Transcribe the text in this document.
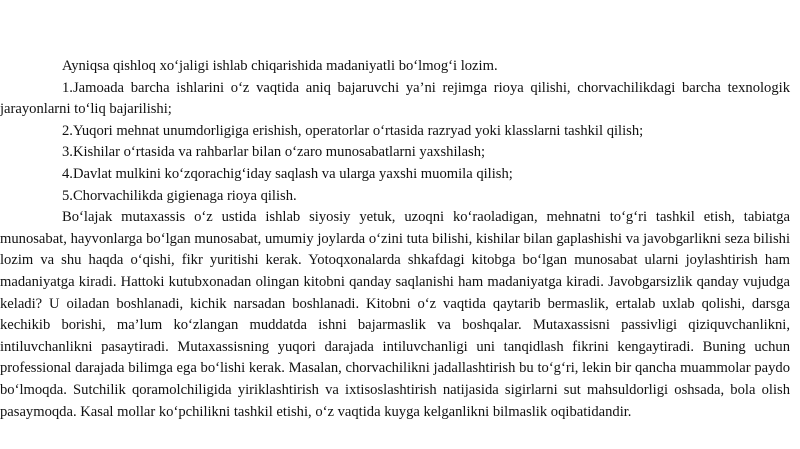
Ayniqsa qishloq xo‘jaligi ishlab chiqarishida madaniyatli bo‘lmog‘i lozim.

1.Jamoada barcha ishlarini o‘z vaqtida aniq bajaruvchi ya’ni rejimga rioya qilishi, chorvachilikdagi barcha texnologik jarayonlarni to‘liq bajarilishi;

2.Yuqori mehnat unumdorligiga erishish, operatorlar o‘rtasida razryad yoki klasslarni tashkil qilish;

3.Kishilar o‘rtasida va rahbarlar bilan o‘zaro munosabatlarni yaxshilash;

4.Davlat mulkini ko‘zqorachig‘iday saqlash va ularga yaxshi muomila qilish;

5.Chorvachilikda gigienaga rioya qilish.

Bo‘lajak mutaxassis o‘z ustida ishlab siyosiy yetuk, uzoqni ko‘raoladigan, mehnatni to‘g‘ri tashkil etish, tabiatga munosabat, hayvonlarga bo‘lgan munosabat, umumiy joylarda o‘zini tuta bilishi, kishilar bilan gaplashishi va javobgarlikni seza bilishi lozim va shu haqda o‘qishi, fikr yuritishi kerak. Yotoqxonalarda shkafdagi kitobga bo‘lgan munosabat ularni joylashtirish ham madaniyatga kiradi. Hattoki kutubxonadan olingan kitobni qanday saqlanishi ham madaniyatga kiradi. Javobgarsizlik qanday vujudga keladi? U oiladan boshlanadi, kichik narsadan boshlanadi. Kitobni o‘z vaqtida qaytarib bermaslik, ertalab uxlab qolishi, darsga kechikib borishi, ma’lum ko‘zlangan muddatda ishni bajarmaslik va boshqalar. Mutaxassisni passivligi qiziquvchanlikni, intiluvchanlikni pasaytiradi. Mutaxassisning yuqori darajada intiluvchanligi uni tanqidlash fikrini kengaytiradi. Buning uchun professional darajada bilimga ega bo‘lishi kerak. Masalan, chorvachilikni jadallashtirish bu to‘g‘ri, lekin bir qancha muammolar paydo bo‘lmoqda. Sutchilik qoramolchiligida yiriklashtirish va ixtisoslashtirish natijasida sigirlarni sut mahsuldorligi oshsada, bola olish pasaymoqda. Kasal mollar ko‘pchilikni tashkil etishi, o‘z vaqtida kuyga kelganlikni bilmaslik oqibatidandir.
